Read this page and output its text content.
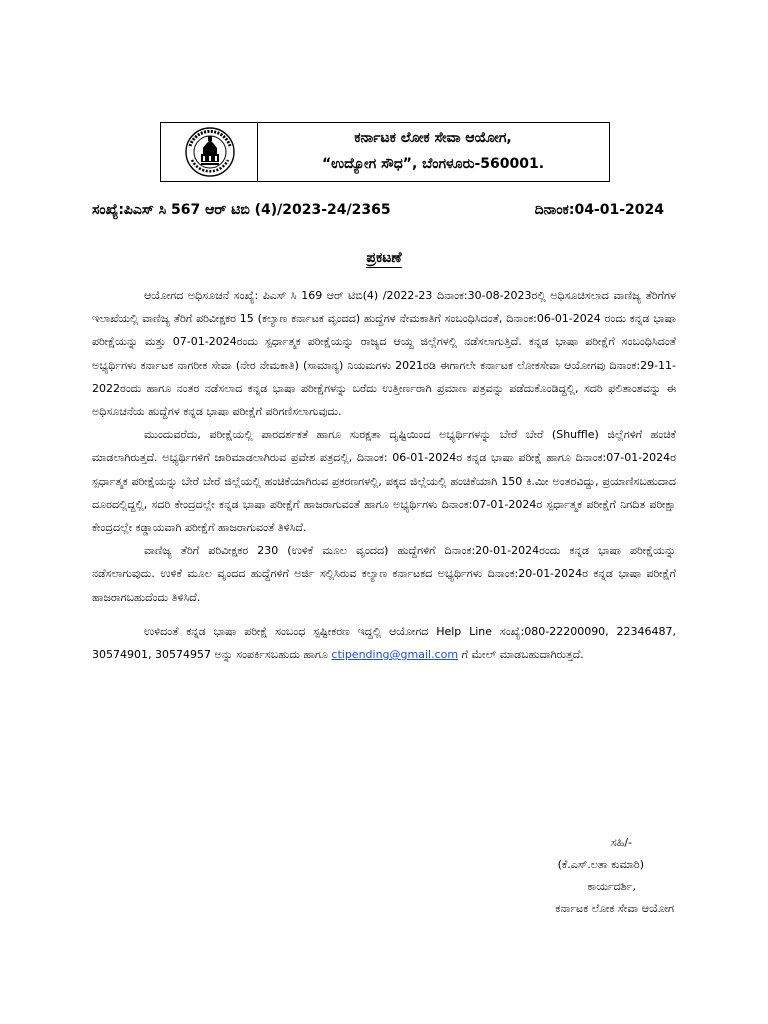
ಕರ್ನಾಟಕ ಲೋಕ ಸೇವಾ ಆಯೋಗ,
“ಉದ್ಯೋಗ ಸೌಧ”, ಬೆಂಗಳೂರು-560001.
ಸಂಖ್ಯೆ:ಪಿಎಸ್ ಸಿ 567 ಆರ್ ಟಿಬಿ (4)/2023-24/2365	ದಿನಾಂಕ:04-01-2024
ಪ್ರಕಟಣೆ

ಆಯೋಗದ ಅಧಿಸೂಚನೆ ಸಂಖ್ಯೆ: ಪಿಎಸ್ ಸಿ 169 ಆರ್ ಟಿಬಿ(4) /2022-23 ದಿನಾಂಕ:30-08-2023ರಲ್ಲಿ ಅಧಿಸೂಚಿಸಲಾದ ವಾಣಿಜ್ಯ ತೆರಿಗೆಗಳ ಇಲಾಖೆಯಲ್ಲಿ ವಾಣಿಜ್ಯ ತೆರಿಗೆ ಪರಿವೀಕ್ಷಕರ 15 (ಕಲ್ಯಾಣ ಕರ್ನಾಟಕ ವೃಂದದ) ಹುದ್ದೆಗಳ ನೇಮಕಾತಿಗೆ ಸಂಬಂಧಿಸಿದಂತೆ, ದಿನಾಂಕ:06-01-2024 ರಂದು ಕನ್ನಡ ಭಾಷಾ ಪರೀಕ್ಷೆಯನ್ನು ಮತ್ತು 07-01-2024ರಂದು ಸ್ಪರ್ಧಾತ್ಮಕ ಪರೀಕ್ಷೆಯನ್ನು ರಾಜ್ಯದ ಆಯ್ದ ಜಿಲ್ಲೆಗಳಲ್ಲಿ ನಡೆಸಲಾಗುತ್ತಿದೆ. ಕನ್ನಡ ಭಾಷಾ ಪರೀಕ್ಷೆಗೆ ಸಂಬಂಧಿಸಿದಂತೆ ಅಭ್ಯರ್ಥಿಗಳು ಕರ್ನಾಟಕ ನಾಗರೀಕ ಸೇವಾ (ನೇರ ನೇಮಕಾತಿ) (ಸಾಮಾನ್ಯ) ನಿಯಮಗಳು 2021ರಡಿ ಈಗಾಗಲೇ ಕರ್ನಾಟಕ ಲೋಕಸೇವಾ ಆಯೋಗವು ದಿನಾಂಕ:29-11-2022ರಂದು ಹಾಗೂ ನಂತರ ನಡೆಸಲಾದ ಕನ್ನಡ ಭಾಷಾ ಪರೀಕ್ಷೆಗಳನ್ನು ಬರೆದು ಉತ್ತೀರ್ಣರಾಗಿ ಪ್ರಮಾಣ ಪತ್ರವನ್ನು ಪಡೆದುಕೊಂಡಿದ್ದಲ್ಲಿ, ಸದರಿ ಫಲಿತಾಂಶವನ್ನು ಈ ಅಧಿಸೂಚನೆಯ ಹುದ್ದೆಗಳ ಕನ್ನಡ ಭಾಷಾ ಪರೀಕ್ಷೆಗೆ ಪರಿಗಣಿಸಲಾಗುವುದು.

ಮುಂದುವರೆದು, ಪರೀಕ್ಷೆಯಲ್ಲಿ ಪಾರದರ್ಶಕತೆ ಹಾಗೂ ಸುರಕ್ಷತಾ ದೃಷ್ಟಿಯಿಂದ ಅಭ್ಯರ್ಥಿಗಳನ್ನು ಬೇರೆ ಬೇರೆ (Shuffle) ಜಿಲ್ಲೆಗಳಿಗೆ ಹಂಚಿಕೆ ಮಾಡಲಾಗಿರುತ್ತದೆ. ಅಭ್ಯರ್ಥಿಗಳಿಗೆ ಜಾರಿಮಾಡಲಾಗಿರುವ ಪ್ರವೇಶ ಪತ್ರದಲ್ಲಿ, ದಿನಾಂಕ: 06-01-2024ರ ಕನ್ನಡ ಭಾಷಾ ಪರೀಕ್ಷೆ ಹಾಗೂ ದಿನಾಂಕ:07-01-2024ರ ಸ್ಪರ್ಧಾತ್ಮಕ ಪರೀಕ್ಷೆಯನ್ನು ಬೇರೆ ಬೇರೆ ಜಿಲ್ಲೆಯಲ್ಲಿ ಹಂಚಿಕೆಯಾಗಿರುವ ಪ್ರಕರಣಗಳಲ್ಲಿ, ಪಕ್ಕದ ಜಿಲ್ಲೆಯಲ್ಲಿ ಹಂಚಿಕೆಯಾಗಿ 150 ಕಿ.ಮೀ ಅಂತರವಿದ್ದು, ಪ್ರಯಾಣಿಸಬಹುದಾದ ದೂರದಲ್ಲಿದ್ದಲ್ಲಿ, ಸದರಿ ಕೇಂದ್ರದಲ್ಲೇ ಕನ್ನಡ ಭಾಷಾ ಪರೀಕ್ಷೆಗೆ ಹಾಜರಾಗುವಂತೆ ಹಾಗೂ ಅಭ್ಯರ್ಥಿಗಳು ದಿನಾಂಕ:07-01-2024ರ ಸ್ಪರ್ಧಾತ್ಮಕ ಪರೀಕ್ಷೆಗೆ ನಿಗದಿತ ಪರೀಕ್ಷಾ ಕೇಂದ್ರದಲ್ಲೇ ಕಡ್ಡಾಯವಾಗಿ ಪರೀಕ್ಷೆಗೆ ಹಾಜರಾಗುವಂತೆ ತಿಳಿಸಿದೆ.

ವಾಣಿಜ್ಯ ತೆರಿಗೆ ಪರಿವೀಕ್ಷಕರ 230 (ಉಳಿಕೆ ಮೂಲ ವೃಂದದ) ಹುದ್ದೆಗಳಿಗೆ ದಿನಾಂಕ:20-01-2024ರಂದು ಕನ್ನಡ ಭಾಷಾ ಪರೀಕ್ಷೆಯನ್ನು ನಡೆಸಲಾಗುವುದು. ಉಳಿಕೆ ಮೂಲ ವೃಂದದ ಹುದ್ದೆಗಳಿಗೆ ಅರ್ಜಿ ಸಲ್ಲಿಸಿರುವ ಕಲ್ಯಾಣ ಕರ್ನಾಟಕದ ಅಭ್ಯರ್ಥಿಗಳು ದಿನಾಂಕ:20-01-2024ರ ಕನ್ನಡ ಭಾಷಾ ಪರೀಕ್ಷೆಗೆ ಹಾಜರಾಗಬಹುದೆಂದು ತಿಳಿಸಿದೆ.

ಉಳಿದಂತೆ ಕನ್ನಡ ಭಾಷಾ ಪರೀಕ್ಷೆ ಸಂಬಂಧ ಸ್ಪಷ್ಟೀಕರಣ ಇದ್ದಲ್ಲಿ ಆಯೋಗದ Help Line ಸಂಖ್ಯೆ:080-22200090, 22346487, 30574901, 30574957 ಅನ್ನು ಸಂಪರ್ಕಿಸಬಹುದು ಹಾಗೂ ctipending@gmail.com ಗೆ ಮೇಲ್ ಮಾಡಬಹುದಾಗಿರುತ್ತದೆ.

ಸಹಿ/-
(ಕೆ.ಎಸ್.ಲತಾ ಕುಮಾರಿ)
ಕಾರ್ಯದರ್ಶಿ,
ಕರ್ನಾಟಕ ಲೋಕ ಸೇವಾ ಆಯೋಗ
